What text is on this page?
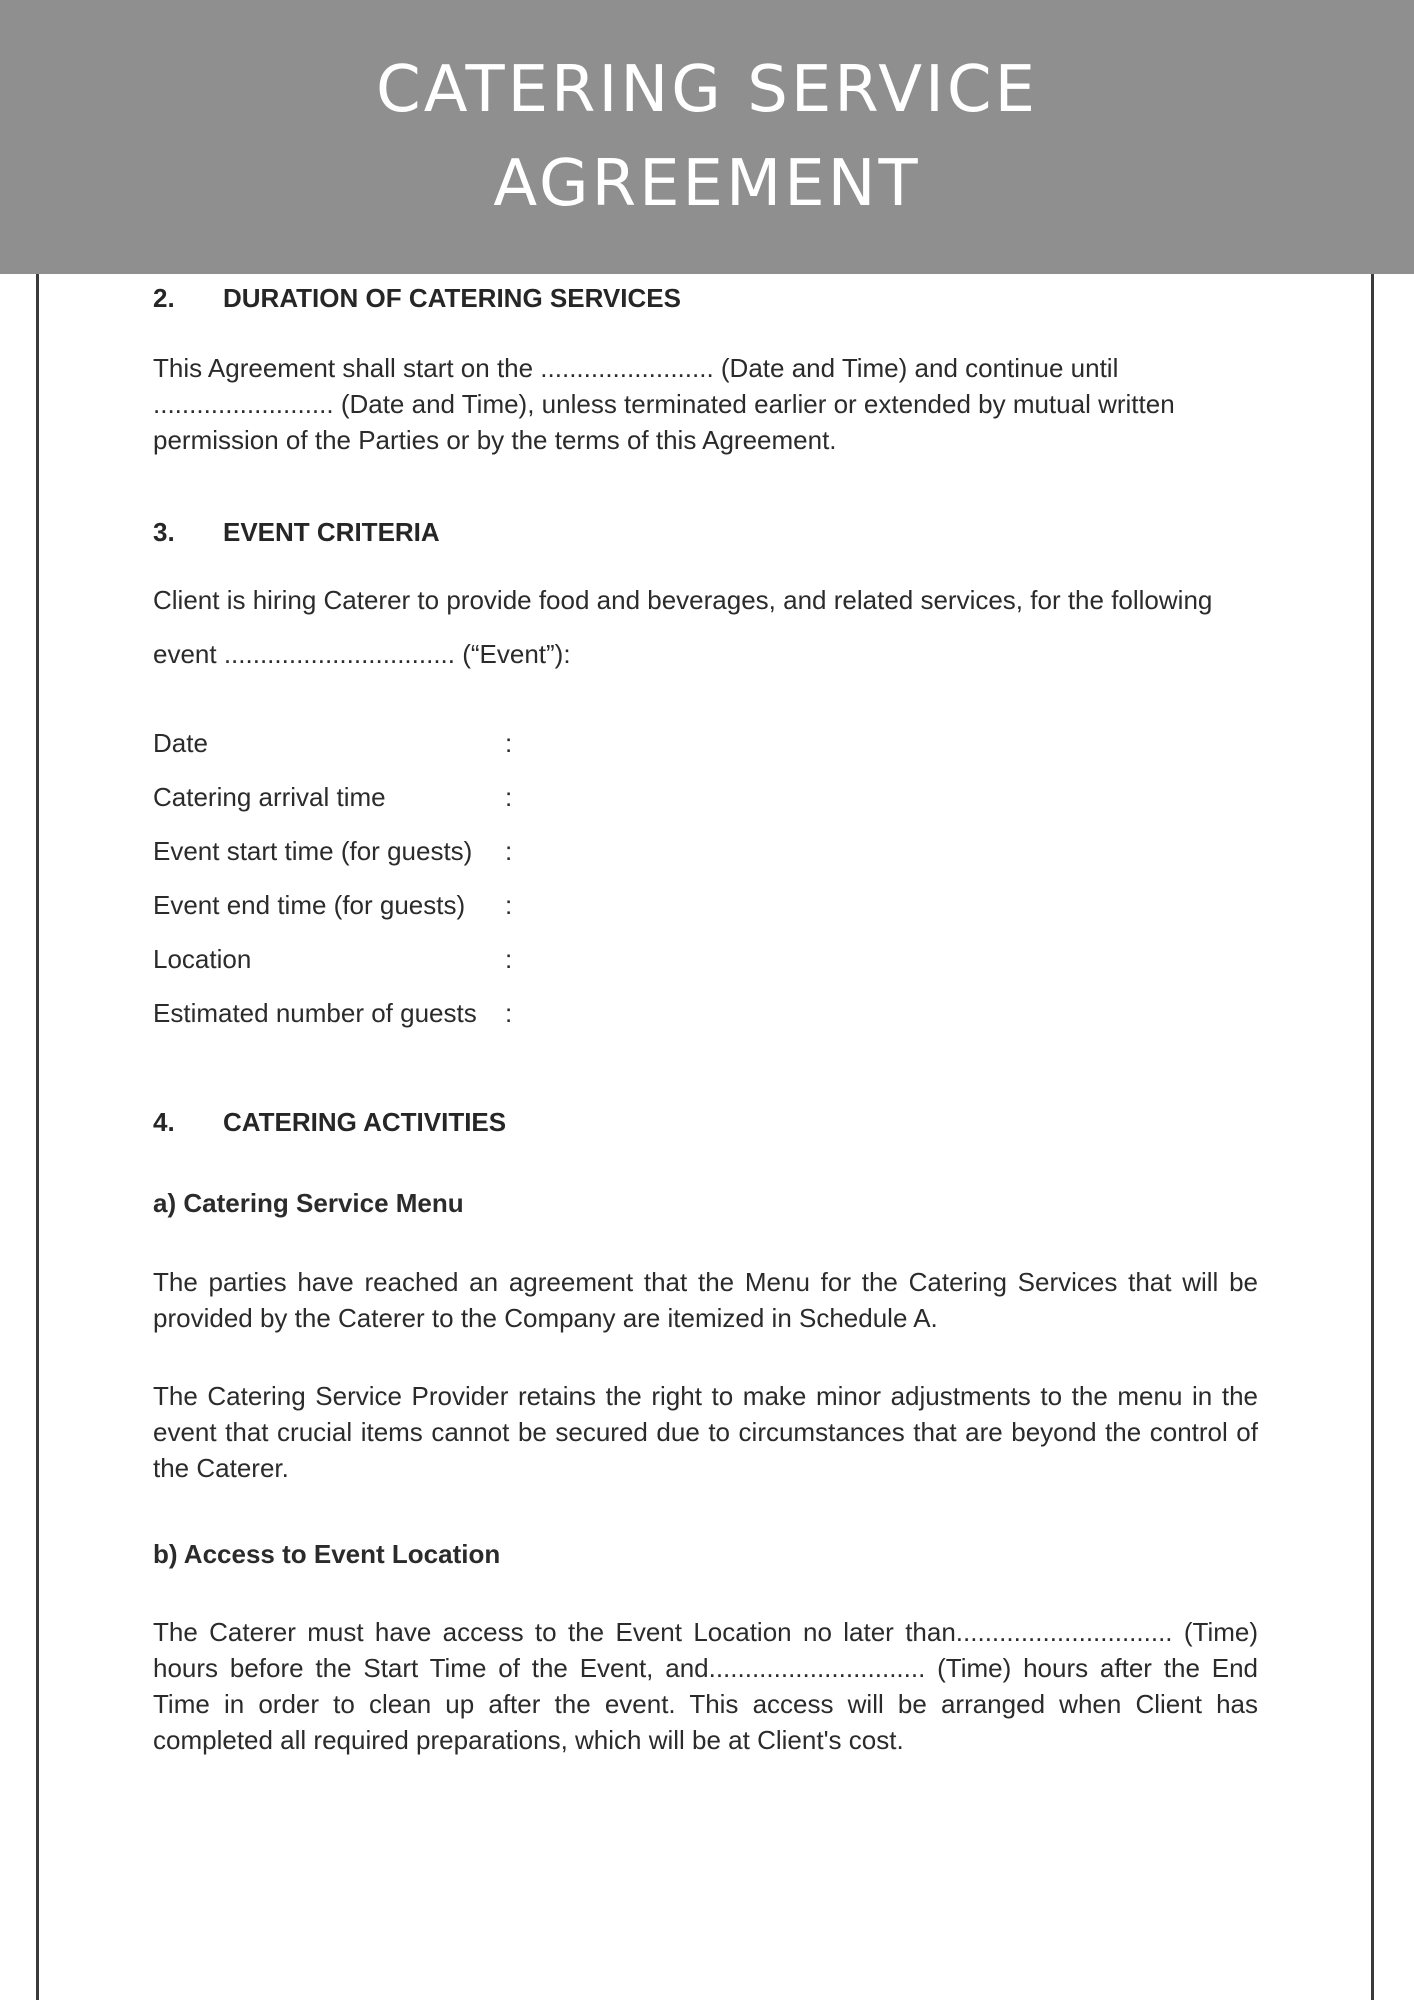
CATERING SERVICE
AGREEMENT
2. DURATION OF CATERING SERVICES

This Agreement shall start on the ........................ (Date and Time) and continue until

......................... (Date and Time), unless terminated earlier or extended by mutual written

permission of the Parties or by the terms of this Agreement.

3. EVENT CRITERIA

Client is hiring Caterer to provide food and beverages, and related services, for the following

event ................................ (“Event”):

Date	:
Catering arrival time	:
Event start time (for guests) :
Event end time (for guests) :
Location	:
Estimated number of guests :
4. CATERING ACTIVITIES
a) Catering Service Menu
The parties have reached an agreement that the Menu for the Catering Services that will be provided by the Caterer to the Company are itemized in Schedule A.
The Catering Service Provider retains the right to make minor adjustments to the menu in the event that crucial items cannot be secured due to circumstances that are beyond the control of the Caterer.
b) Access to Event Location
The Caterer must have access to the Event Location no later than.............................. (Time) hours before the Start Time of the Event, and.............................. (Time) hours after the End Time in order to clean up after the event. This access will be arranged when Client has completed all required preparations, which will be at Client's cost.
